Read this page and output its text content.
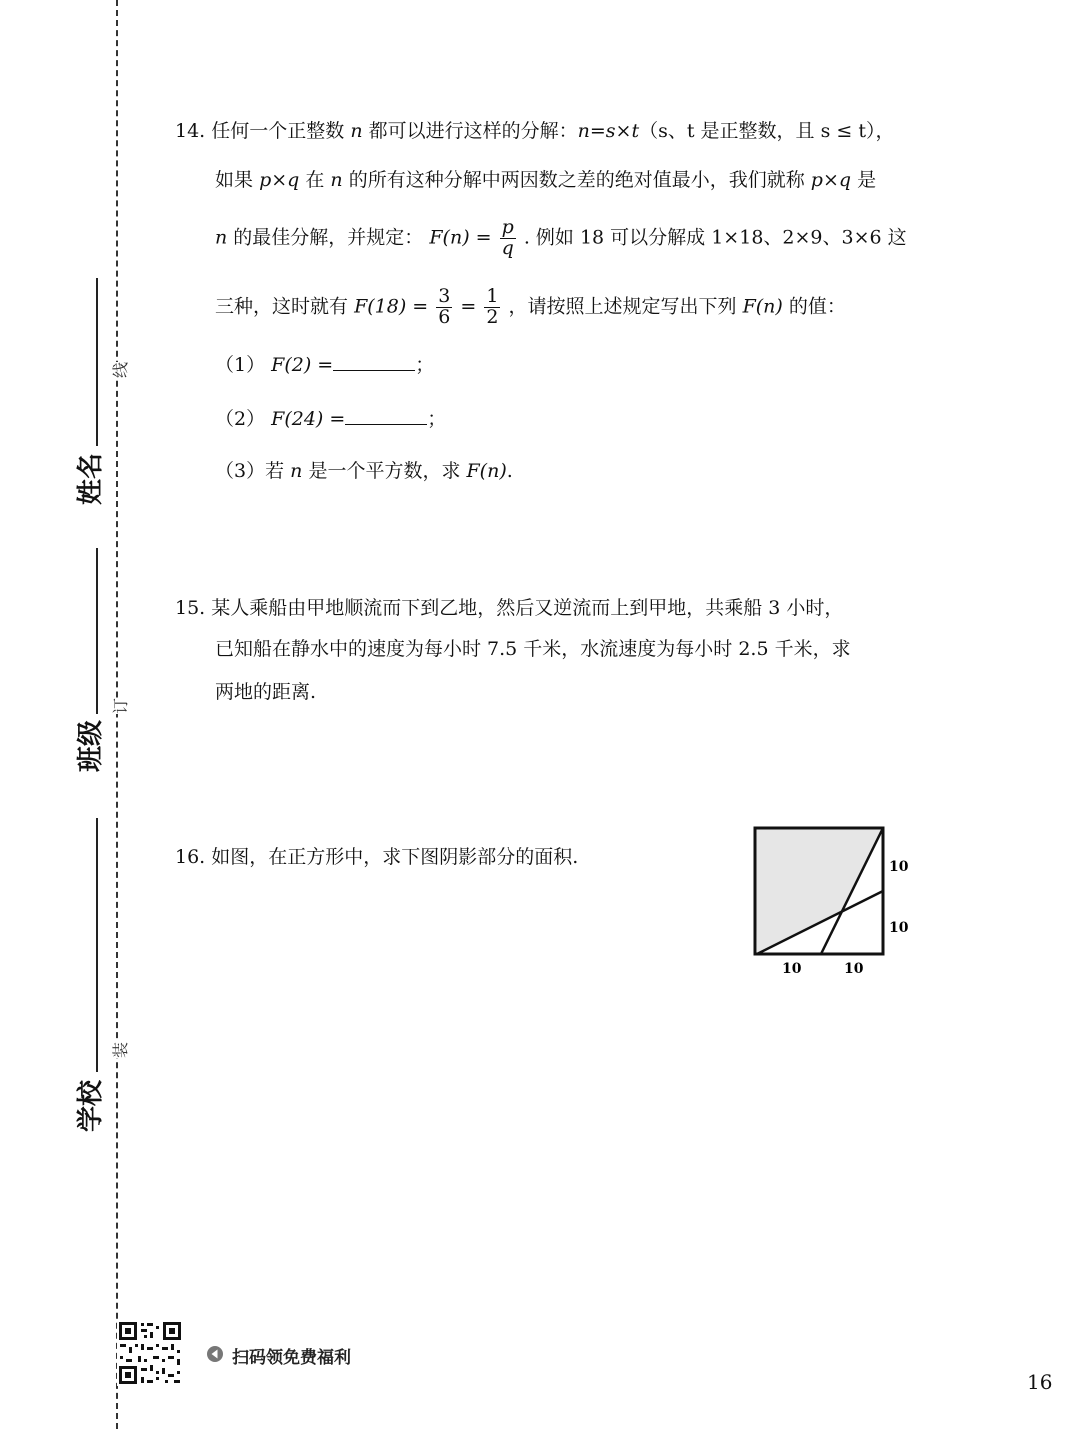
姓名
班级
学校
装
订
线
14. 任何一个正整数 n 都可以进行这样的分解：n=s×t（s、t 是正整数，且 s ≤ t），
如果 p×q 在 n 的所有这种分解中两因数之差的绝对值最小，我们就称 p×q 是
n 的最佳分解，并规定： $F(n) = \frac{p}{q}$ . 例如 18 可以分解成 1×18、2×9、3×6 这
三种，这时就有 $F(18) = \frac{3}{6} = \frac{1}{2}$ ，请按照上述规定写出下列 F(n) 的值：
（1） F(2) =	；
（2） F(24) =	；
（3）若 n 是一个平方数，求 F(n).
15. 某人乘船由甲地顺流而下到乙地，然后又逆流而上到甲地，共乘船 3 小时，
已知船在静水中的速度为每小时 7.5 千米，水流速度为每小时 2.5 千米，求
两地的距离.
16. 如图，在正方形中，求下图阴影部分的面积.	10
10
10	10
扫码领免费福利
16
